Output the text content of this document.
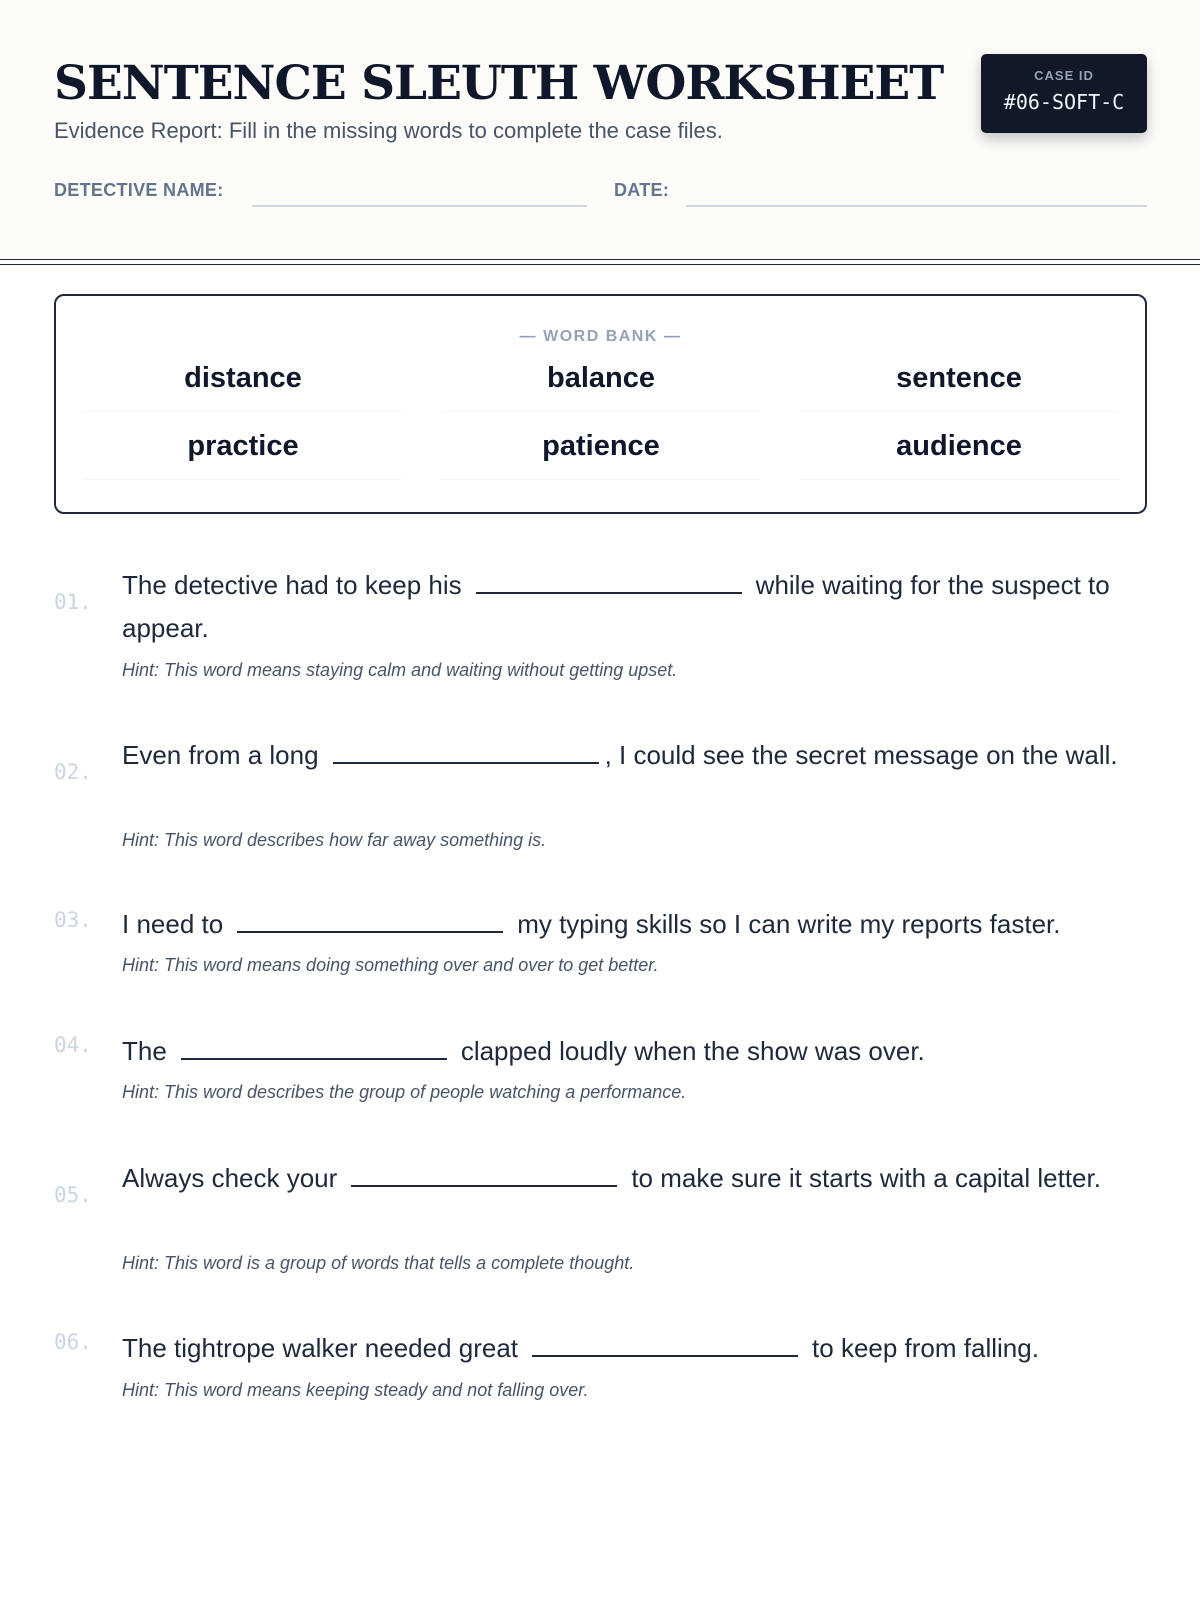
SENTENCE SLEUTH WORKSHEET
Evidence Report: Fill in the missing words to complete the case files.
CASE ID
#06-SOFT-C
DETECTIVE NAME:	DATE:
— WORD BANK —
distance	balance	sentence
practice	patience	audience
01.
The detective had to keep his	while waiting for the suspect to appear.
Hint: This word means staying calm and waiting without getting upset.
02.
Even from a long	, I could see the secret message on the wall.
Hint: This word describes how far away something is.
03. I need to	my typing skills so I can write my reports faster.
Hint: This word means doing something over and over to get better.
04. The	clapped loudly when the show was over.
Hint: This word describes the group of people watching a performance.
05.
Always check your	to make sure it starts with a capital letter.
Hint: This word is a group of words that tells a complete thought.
06. The tightrope walker needed great	to keep from falling.
Hint: This word means keeping steady and not falling over.
